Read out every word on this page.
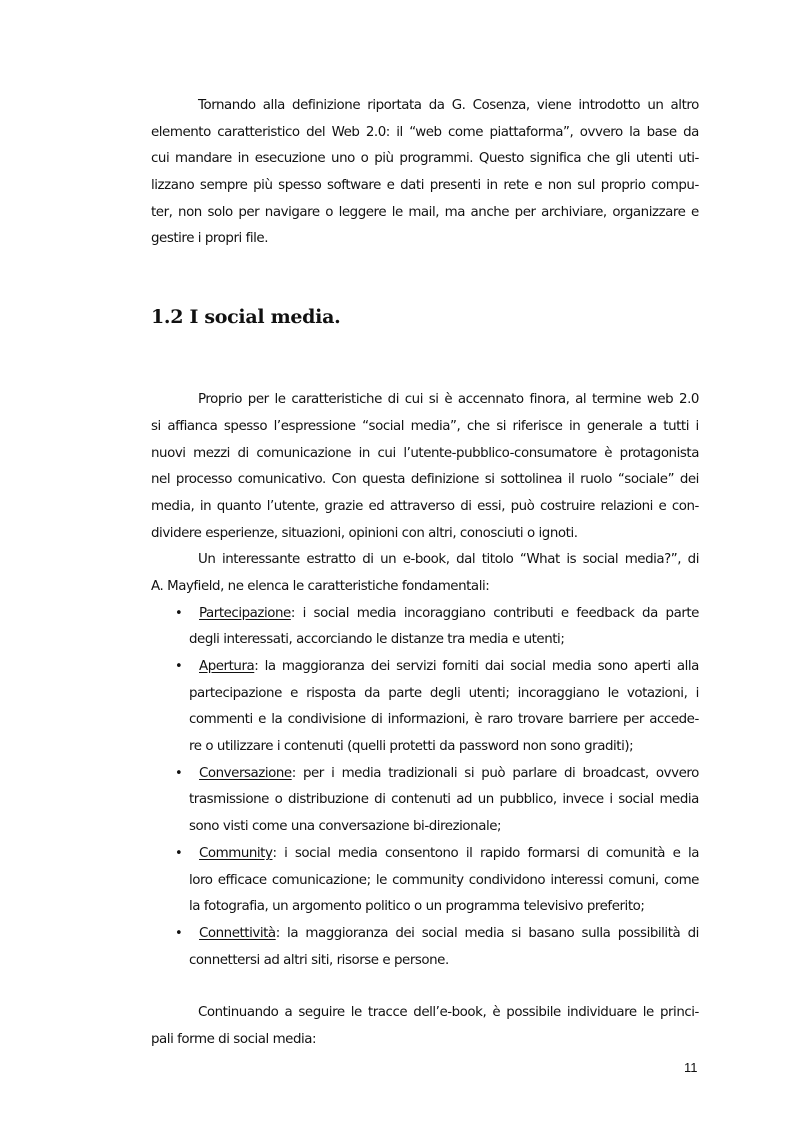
Tornando alla definizione riportata da G. Cosenza, viene introdotto un altro
elemento caratteristico del Web 2.0: il “web come piattaforma”, ovvero la base da
cui mandare in esecuzione uno o più programmi. Questo significa che gli utenti uti-
lizzano sempre più spesso software e dati presenti in rete e non sul proprio compu-
ter, non solo per navigare o leggere le mail, ma anche per archiviare, organizzare e
gestire i propri file.
Proprio per le caratteristiche di cui si è accennato finora, al termine web 2.0
si affianca spesso l’espressione “social media”, che si riferisce in generale a tutti i
nuovi mezzi di comunicazione in cui l’utente-pubblico-consumatore è protagonista
nel processo comunicativo. Con questa definizione si sottolinea il ruolo “sociale” dei
media, in quanto l’utente, grazie ed attraverso di essi, può costruire relazioni e con-
dividere esperienze, situazioni, opinioni con altri, conosciuti o ignoti.
Un interessante estratto di un e-book, dal titolo “What is social media?”, di
A. Mayfield, ne elenca le caratteristiche fondamentali:
• Partecipazione: i social media incoraggiano contributi e feedback da parte
degli interessati, accorciando le distanze tra media e utenti;
• Apertura: la maggioranza dei servizi forniti dai social media sono aperti alla
partecipazione e risposta da parte degli utenti; incoraggiano le votazioni, i
commenti e la condivisione di informazioni, è raro trovare barriere per accede-
re o utilizzare i contenuti (quelli protetti da password non sono graditi);
• Conversazione: per i media tradizionali si può parlare di broadcast, ovvero
trasmissione o distribuzione di contenuti ad un pubblico, invece i social media
sono visti come una conversazione bi-direzionale;
• Community: i social media consentono il rapido formarsi di comunità e la
loro efficace comunicazione; le community condividono interessi comuni, come
la fotografia, un argomento politico o un programma televisivo preferito;
• Connettività: la maggioranza dei social media si basano sulla possibilità di
connettersi ad altri siti, risorse e persone.
Continuando a seguire le tracce dell’e-book, è possibile individuare le princi-
pali forme di social media:
1.2 I social media.
11
